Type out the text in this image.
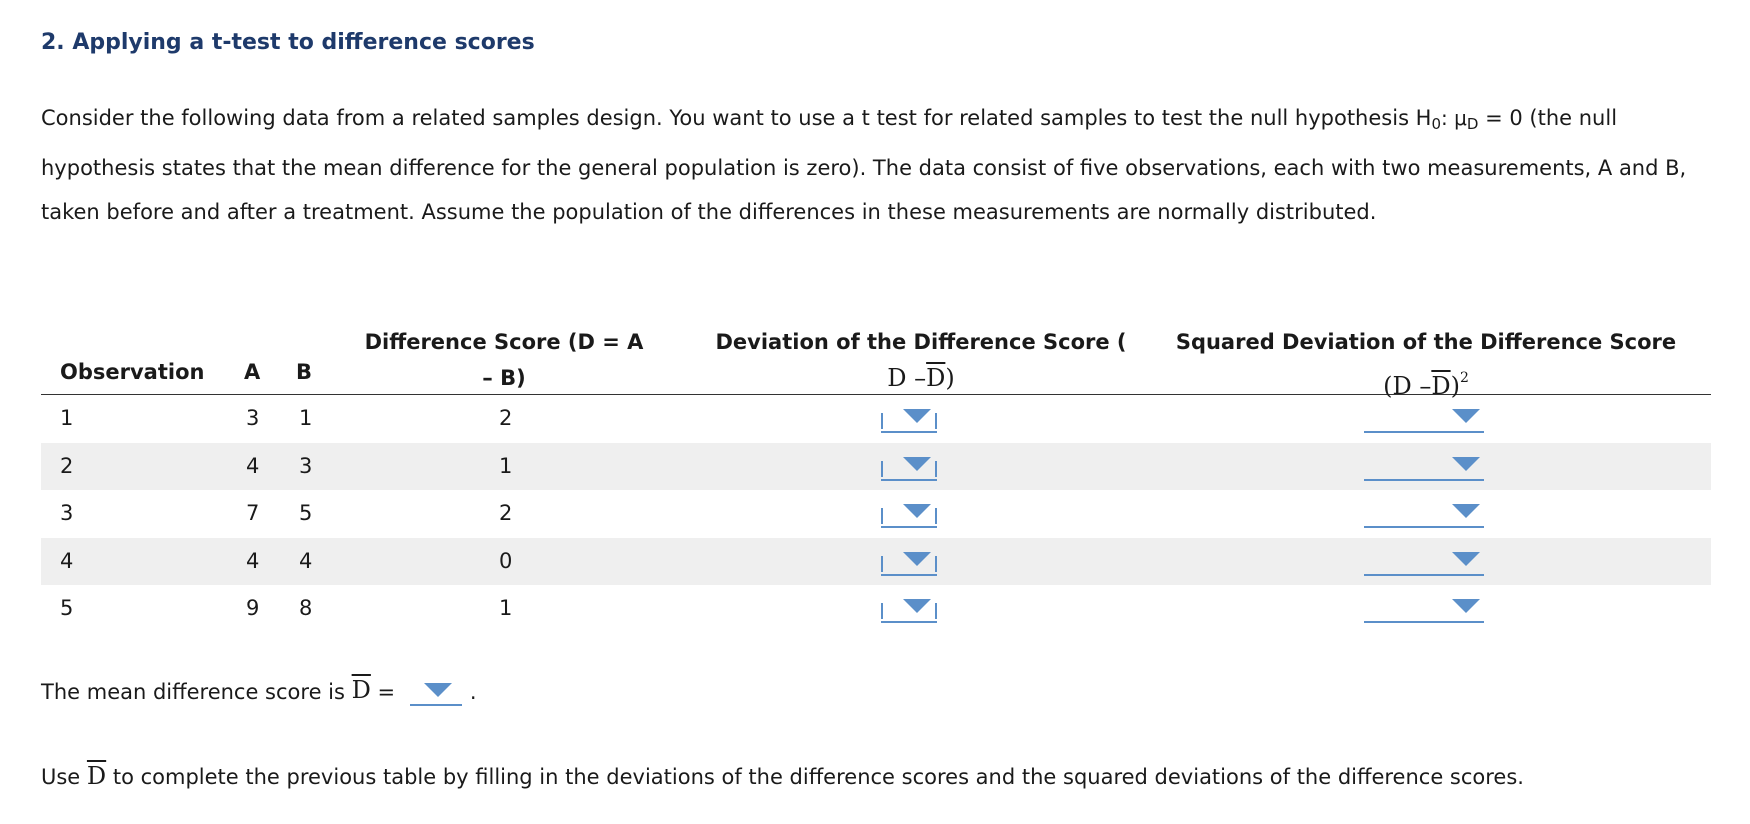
2. Applying a t-test to difference scores

Consider the following data from a related samples design. You want to use a t test for related samples to test the null hypothesis $H_0$: $\mu_D = 0$ (the null hypothesis states that the mean difference for the general population is zero). The data consist of five observations, each with two measurements, A and B, taken before and after a treatment. Assume the population of the differences in these measurements are normally distributed.

Observation A B
Difference Score (D = A
– B)
Deviation of the Difference Score (
D $-\overline{D}$)
Squared Deviation of the Difference Score
(D $-\overline{D})^2$
1	3 1	2
2	4 3	1
3	7 5	2
4	4 4	0
5	9 8	1
The mean difference score is $\overline{D}$ =	.
Use $\overline{D}$ to complete the previous table by filling in the deviations of the difference scores and the squared deviations of the difference scores.
